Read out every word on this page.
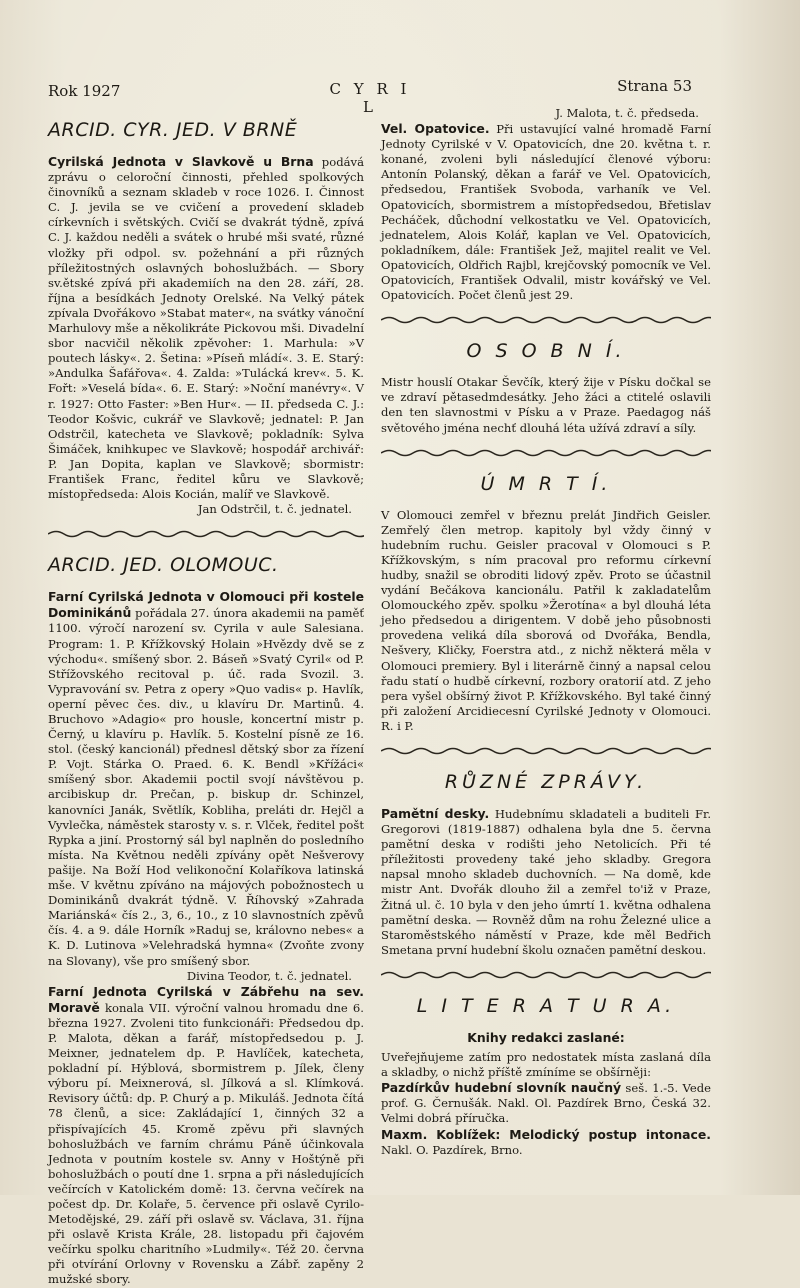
Rok 1927	C Y R I L
Strana 53
ARCID. CYR. JED. V BRNĚ

Cyrilská Jednota v Slavkově u Brna podává zprávu o celoroční činnosti, přehled spolkových činovníků a seznam skladeb v roce 1026. I. Činnost C. J. jevila se ve cvičení a provedení skladeb církevních i světských. Cvičí se dvakrát týdně, zpívá C. J. každou neděli a svátek o hrubé mši svaté, různé vložky při odpol. sv. požehnání a při různých příležitostných oslavných bohoslužbách. — Sbory sv.ětské zpívá při akademiích na den 28. září, 28. října a besídkách Jednoty Orelské. Na Velký pátek zpívala Dvořákovo »Stabat mater«, na svátky vánoční Marhulovy mše a několikráte Pickovou mši. Divadelní sbor nacvičil několik zpěvoher: 1. Marhula: »V poutech lásky«. 2. Šetina: »Píseň mládí«. 3. E. Starý: »Andulka Šafářova«. 4. Zalda: »Tulácká krev«. 5. K. Fořt: »Veselá bída«. 6. E. Starý: »Noční manévry«. V r. 1927: Otto Faster: »Ben Hur«. — II. předseda C. J.: Teodor Košvic, cukrář ve Slavkově; jednatel: P. Jan Odstrčil, katecheta ve Slavkově; pokladník: Sylva Šimáček, knihkupec ve Slavkově; hospodář archivář: P. Jan Dopita, kaplan ve Slavkově; sbormistr: František Franc, ředitel kůru ve Slavkově; místopředseda: Alois Kocián, malíř ve Slavkově.
Jan Odstrčil, t. č. jednatel.

ARCID. JED. OLOMOUC.

Farní Cyrilská Jednota v Olomouci při kostele Dominikánů pořádala 27. února akademii na paměť 1100. výročí narození sv. Cyrila v aule Salesiana. Program: 1. P. Křížkovský Holain »Hvězdy dvě se z východu«. smíšený sbor. 2. Báseň »Svatý Cyril« od P. Střížovského recitoval p. úč. rada Svozil. 3. Vypravování sv. Petra z opery »Quo vadis« p. Havlík, operní pěvec čes. div., u klavíru Dr. Martinů. 4. Bruchovo »Adagio« pro housle, koncertní mistr p. Černý, u klavíru p. Havlík. 5. Kostelní písně ze 16. stol. (český kancionál) přednesl dětský sbor za řízení P. Vojt. Stárka O. Praed. 6. K. Bendl »Křížáci« smíšený sbor. Akademii poctil svojí návštěvou p. arcibiskup dr. Prečan, p. biskup dr. Schinzel, kanovníci Janák, Světlík, Kobliha, preláti dr. Hejčl a Vyvlečka, náměstek starosty v. s. r. Vlček, ředitel pošt Rypka a jiní. Prostorný sál byl naplněn do posledního místa. Na Květnou neděli zpívány opět Nešverovy pašije. Na Boží Hod velikonoční Kolaříkova latinská mše. V květnu zpíváno na májových pobožnostech u Dominikánů dvakrát týdně. V. Říhovský »Zahrada Mariánská« čís 2., 3, 6., 10., z 10 slavnostních zpěvů čís. 4. a 9. dále Horník »Raduj se, královno nebes« a K. D. Lutinova »Velehradská hymna« (Zvoňte zvony na Slovany), vše pro smíšený sbor.
Divina Teodor, t. č. jednatel.

Farní Jednota Cyrilská v Zábřehu na sev. Moravě konala VII. výroční valnou hromadu dne 6. března 1927. Zvoleni tito funkcionáři: Předsedou dp. P. Malota, děkan a farář, místopředsedou p. J. Meixner, jednatelem dp. P. Havlíček, katecheta, pokladní pí. Hýblová, sbormistrem p. Jílek, členy výboru pí. Meixnerová, sl. Jílková a sl. Klímková. Revisory účtů: dp. P. Churý a p. Mikuláš. Jednota čítá 78 členů, a sice: Zakládající 1, činných 32 a přispívajících 45. Kromě zpěvu při slavných bohoslužbách ve farním chrámu Páně účinkovala Jednota v poutním kostele sv. Anny v Hoštýně při bohoslužbách o poutí dne 1. srpna a při následujících večírcích v Katolickém domě: 13. června večírek na počest dp. Dr. Kolaře, 5. července při oslavě Cyrilo-Metodějské, 29. září při oslavě sv. Václava, 31. října při oslavě Krista Krále, 28. listopadu při čajovém večírku spolku charitního »Ludmily«. Též 20. června při otvírání Orlovny v Rovensku a Zábř. zapěny 2 mužské sbory.

J. Malota, t. č. předseda.

Vel. Opatovice. Při ustavující valné hromadě Farní Jednoty Cyrilské v V. Opatovicích, dne 20. května t. r. konané, zvoleni byli následující členové výboru: Antonín Polanský, děkan a farář ve Vel. Opatovicích, předsedou, František Svoboda, varhaník ve Vel. Opatovicích, sbormistrem a místopředsedou, Břetislav Pecháček, důchodní velkostatku ve Vel. Opatovicích, jednatelem, Alois Kolář, kaplan ve Vel. Opatovicích, pokladníkem, dále: František Jež, majitel realit ve Vel. Opatovicích, Oldřich Rajbl, krejčovský pomocník ve Vel. Opatovicích, František Odvalil, mistr kovářský ve Vel. Opatovicích. Počet členů jest 29.

O S O B N Í.

Mistr houslí Otakar Ševčík, který žije v Písku dočkal se ve zdraví pětasedmdesátky. Jeho žáci a ctitelé oslavili den ten slavnostmi v Písku a v Praze. Paedagog náš světového jména nechť dlouhá léta užívá zdraví a síly.

Ú M R T Í.

V Olomouci zemřel v březnu prelát Jindřich Geisler. Zemřelý člen metrop. kapitoly byl vždy činný v hudebním ruchu. Geisler pracoval v Olomouci s P. Křížkovským, s ním pracoval pro reformu církevní hudby, snažil se obroditi lidový zpěv. Proto se účastnil vydání Bečákova kancionálu. Patřil k zakladatelům Olomouckého zpěv. spolku »Žerotína« a byl dlouhá léta jeho předsedou a dirigentem. V době jeho působnosti provedena veliká díla sborová od Dvořáka, Bendla, Nešvery, Kličky, Foerstra atd., z nichž některá měla v Olomouci premiery. Byl i literárně činný a napsal celou řadu statí o hudbě církevní, rozbory oratorií atd. Z jeho pera vyšel obšírný život P. Křížkovského. Byl také činný při založení Arcidiecesní Cyrilské Jednoty v Olomouci. R. i P.

RŮZNÉ ZPRÁVY.

Pamětní desky. Hudebnímu skladateli a buditeli Fr. Gregorovi (1819-1887) odhalena byla dne 5. června pamětní deska v rodišti jeho Netolicích. Při té příležitosti provedeny také jeho skladby. Gregora napsal mnoho skladeb duchovních. — Na domě, kde mistr Ant. Dvořák dlouho žil a zemřel to'iž v Praze, Žitná ul. č. 10 byla v den jeho úmrtí 1. května odhalena pamětní deska. — Rovněž dům na rohu Železné ulice a Staroměstského náměstí v Praze, kde měl Bedřich Smetana první hudební školu označen pamětní deskou.

L I T E R A T U R A.
Knihy redakci zaslané:

Uveřejňujeme zatím pro nedostatek místa zaslaná díla a skladby, o nichž příště zmíníme se obšírněji:

Pazdírkův hudební slovník naučný seš. 1.-5. Vede prof. G. Černušák. Nakl. Ol. Pazdírek Brno, Česká 32. Velmi dobrá příručka.

Maxm. Koblížek: Melodický postup intonace. Nakl. O. Pazdírek, Brno.
